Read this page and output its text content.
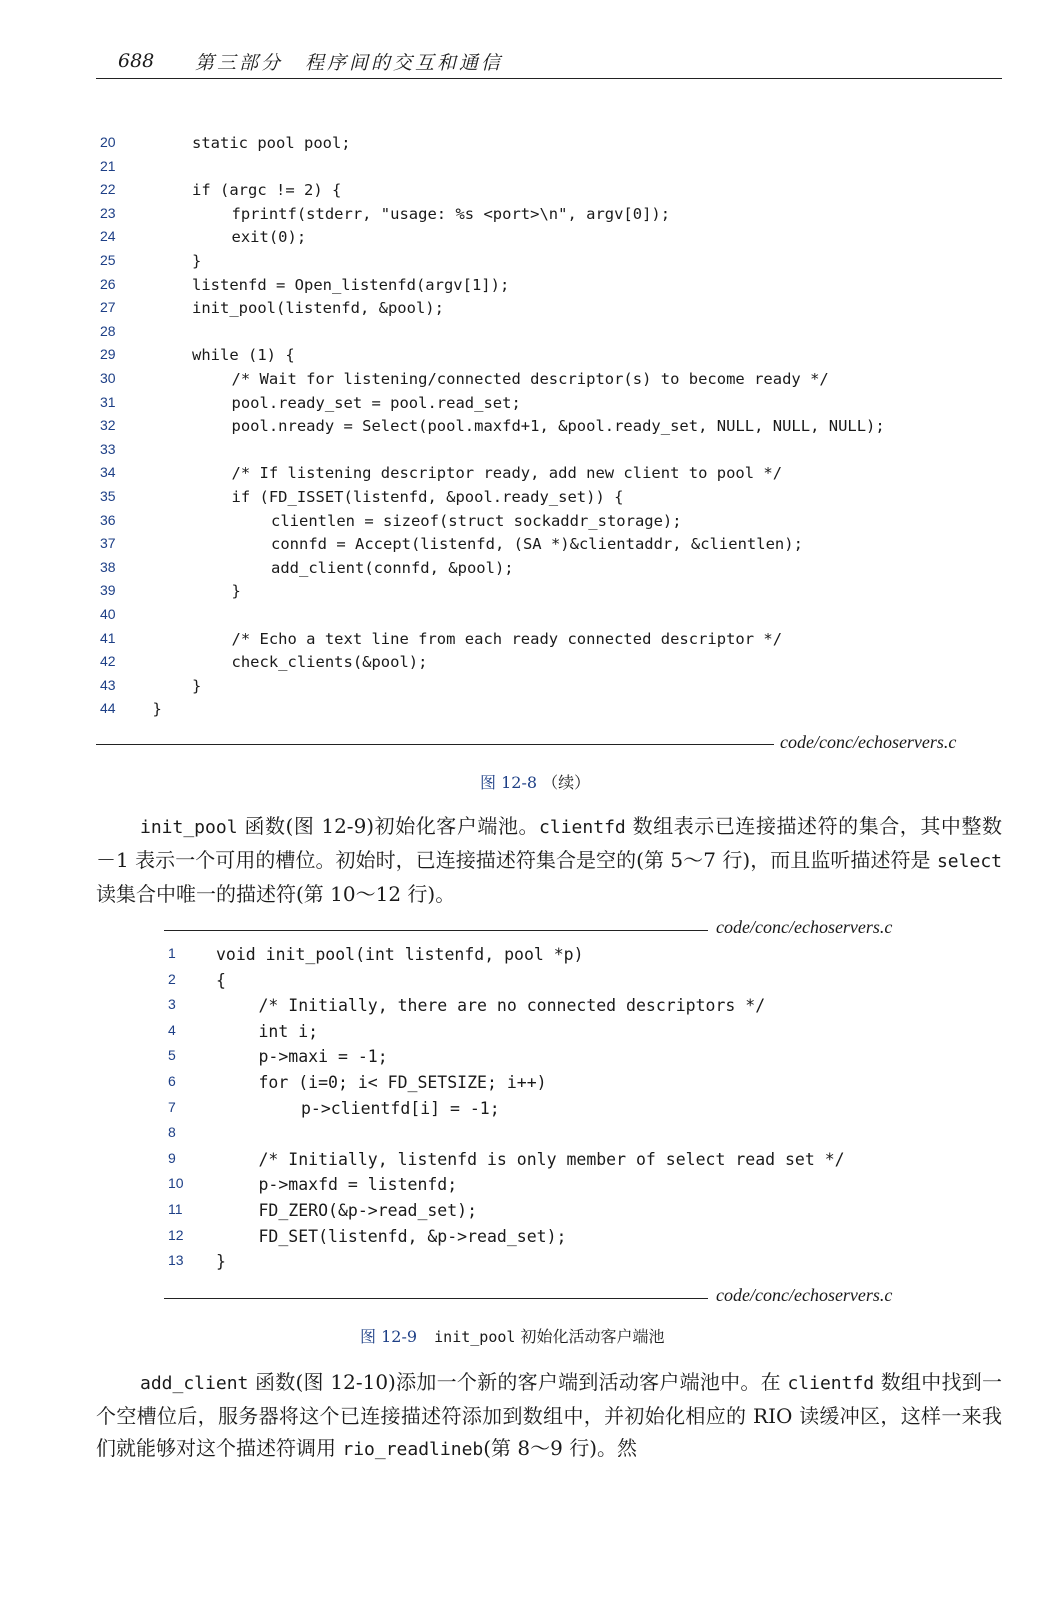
688 第三部分　程序间的交互和通信
20	static pool pool;
21
22	if (argc != 2) {
23	fprintf(stderr, "usage: %s <port>\n", argv[0]);
24	exit(0);
25	}
26	listenfd = Open_listenfd(argv[1]);
27	init_pool(listenfd, &pool);
28
29	while (1) {
30	/* Wait for listening/connected descriptor(s) to become ready */
31	pool.ready_set = pool.read_set;
32	pool.nready = Select(pool.maxfd+1, &pool.ready_set, NULL, NULL, NULL);
33
34	/* If listening descriptor ready, add new client to pool */
35	if (FD_ISSET(listenfd, &pool.ready_set)) {
36	clientlen = sizeof(struct sockaddr_storage);
37	connfd = Accept(listenfd, (SA *)&clientaddr, &clientlen);
38	add_client(connfd, &pool);
39	}
40
41	/* Echo a text line from each ready connected descriptor */
42	check_clients(&pool);
43	}
44	}
code/conc/echoservers.c
图 12-8 （续）
init_pool 函数(图 12-9)初始化客户端池。clientfd 数组表示已连接描述符的集合，其中整数－1 表示一个可用的槽位。初始时，已连接描述符集合是空的(第 5～7 行)，而且监听描述符是 select 读集合中唯一的描述符(第 10～12 行)。
code/conc/echoservers.c
1	void init_pool(int listenfd, pool *p)
2	{
3	/* Initially, there are no connected descriptors */
4	int i;
5	p->maxi = -1;
6	for (i=0; i< FD_SETSIZE; i++)
7	p->clientfd[i] = -1;
8
9	/* Initially, listenfd is only member of select read set */
10	p->maxfd = listenfd;
11	FD_ZERO(&p->read_set);
12	FD_SET(listenfd, &p->read_set);
13	}
code/conc/echoservers.c
图 12-9 init_pool 初始化活动客户端池
add_client 函数(图 12-10)添加一个新的客户端到活动客户端池中。在 clientfd 数组中找到一个空槽位后，服务器将这个已连接描述符添加到数组中，并初始化相应的 RIO 读缓冲区，这样一来我们就能够对这个描述符调用 rio_readlineb(第 8～9 行)。然
